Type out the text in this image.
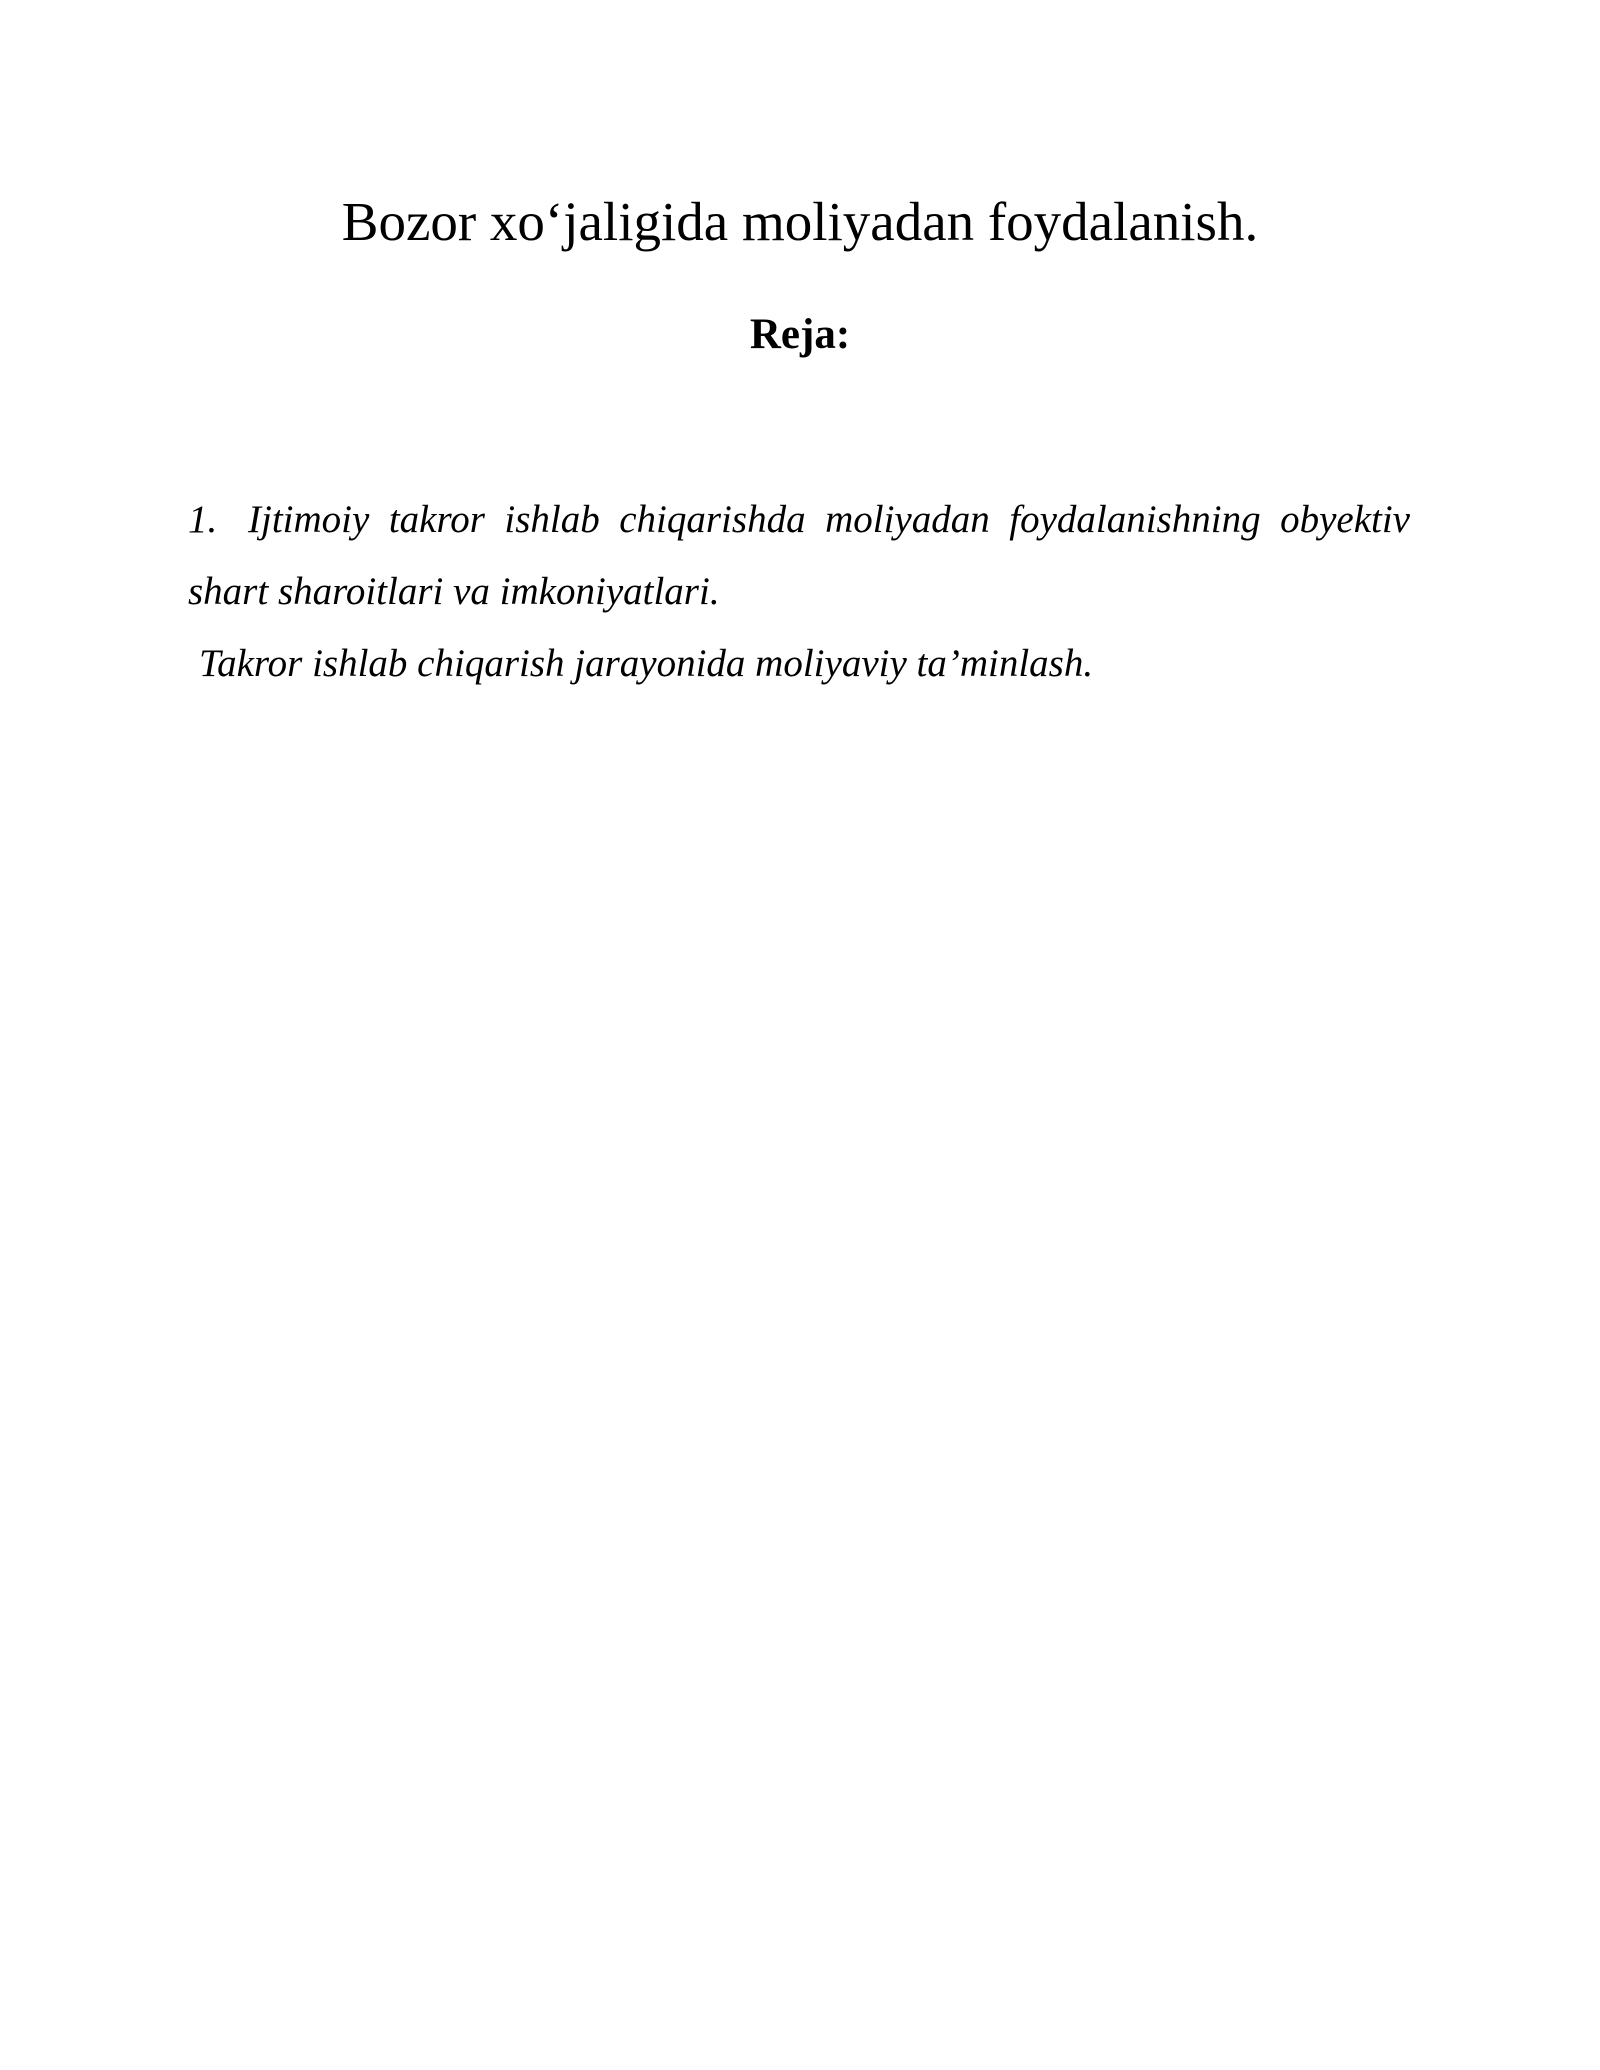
Bozor xo‘jaligida moliyadan foydalanish.
Reja:
1. Ijtimoiy takror ishlab chiqarishda moliyadan foydalanishning obyektiv shart sharoitlari va imkoniyatlari.
Takror ishlab chiqarish jarayonida moliyaviy ta’minlash.
